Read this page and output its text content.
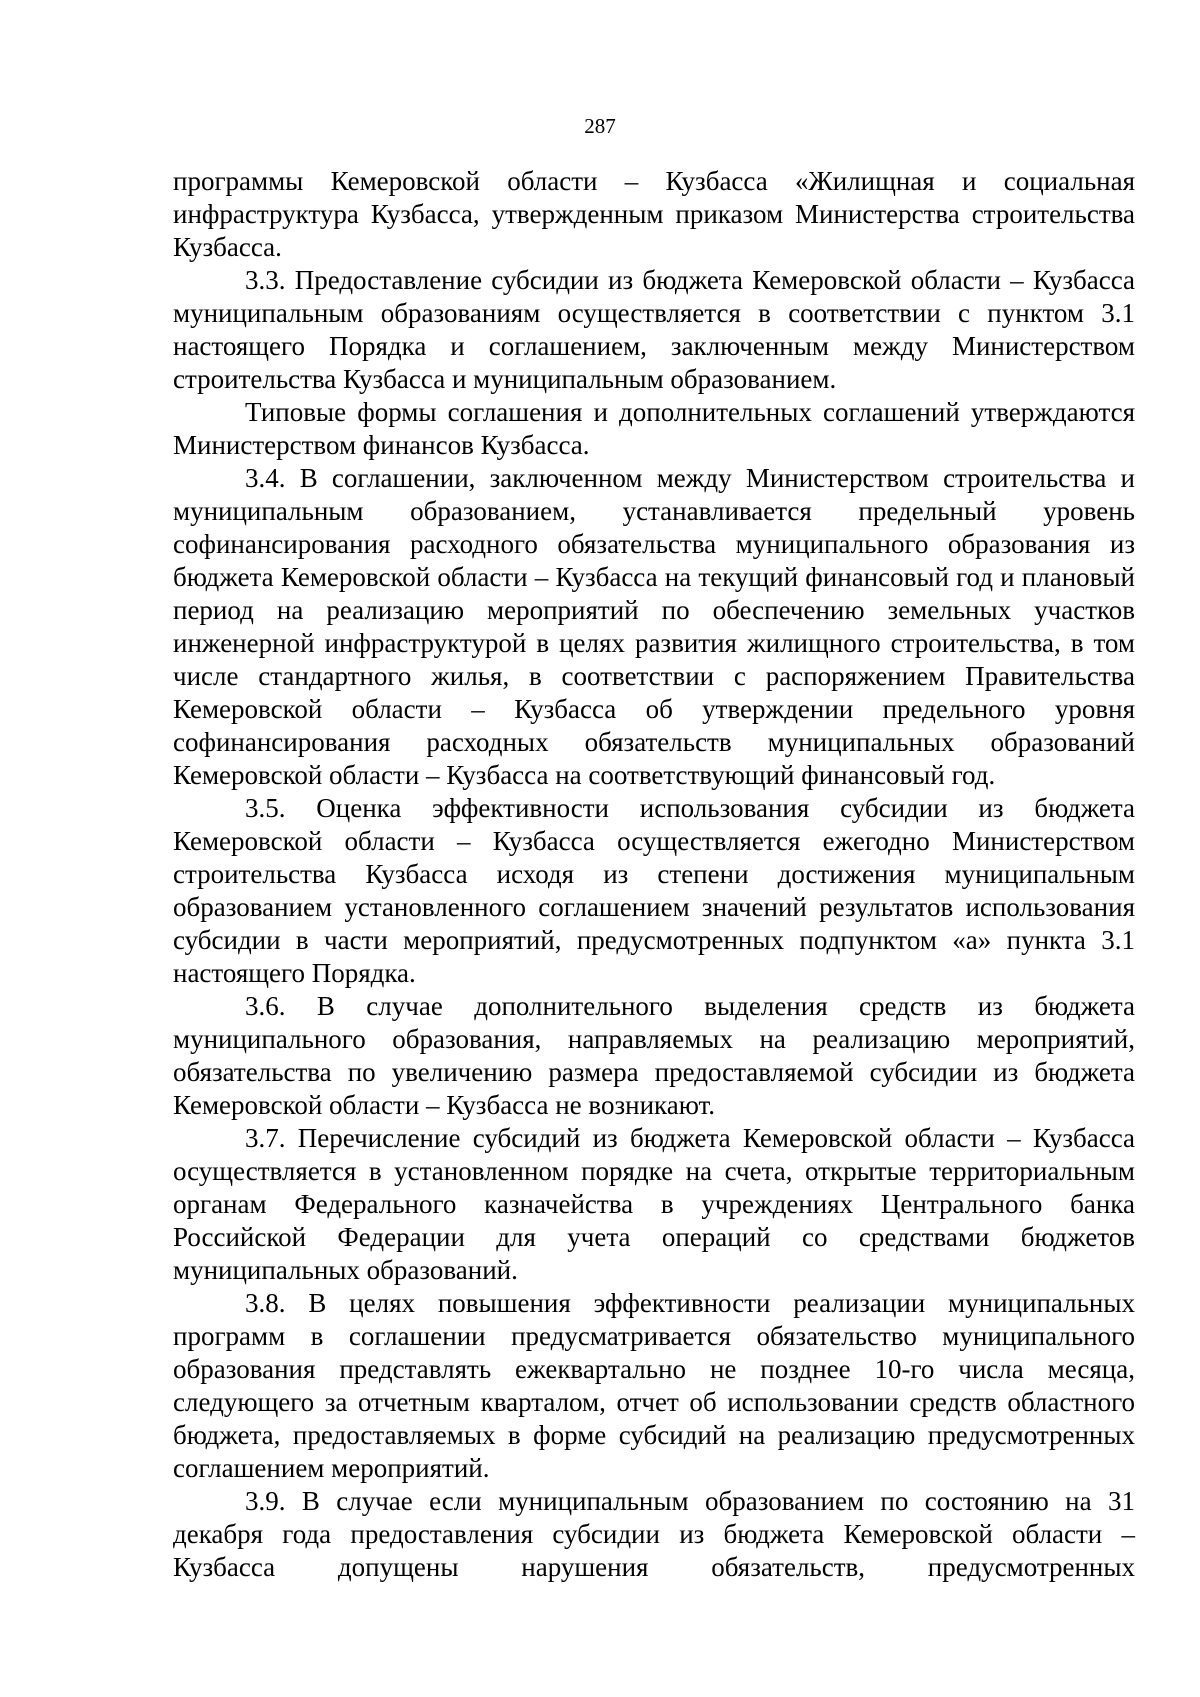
287

программы Кемеровской области – Кузбасса «Жилищная и социальная инфраструктура Кузбасса, утвержденным приказом Министерства строительства Кузбасса.

3.3. Предоставление субсидии из бюджета Кемеровской области – Кузбасса муниципальным образованиям осуществляется в соответствии с пунктом 3.1 настоящего Порядка и соглашением, заключенным между Министерством строительства Кузбасса и муниципальным образованием.

Типовые формы соглашения и дополнительных соглашений утверждаются Министерством финансов Кузбасса.

3.4. В соглашении, заключенном между Министерством строительства и муниципальным образованием, устанавливается предельный уровень софинансирования расходного обязательства муниципального образования из бюджета Кемеровской области – Кузбасса на текущий финансовый год и плановый период на реализацию мероприятий по обеспечению земельных участков инженерной инфраструктурой в целях развития жилищного строительства, в том числе стандартного жилья, в соответствии с распоряжением Правительства Кемеровской области – Кузбасса об утверждении предельного уровня софинансирования расходных обязательств муниципальных образований Кемеровской области – Кузбасса на соответствующий финансовый год.

3.5. Оценка эффективности использования субсидии из бюджета Кемеровской области – Кузбасса осуществляется ежегодно Министерством строительства Кузбасса исходя из степени достижения муниципальным образованием установленного соглашением значений результатов использования субсидии в части мероприятий, предусмотренных подпунктом «а» пункта 3.1 настоящего Порядка.

3.6. В случае дополнительного выделения средств из бюджета муниципального образования, направляемых на реализацию мероприятий, обязательства по увеличению размера предоставляемой субсидии из бюджета Кемеровской области – Кузбасса не возникают.

3.7. Перечисление субсидий из бюджета Кемеровской области – Кузбасса осуществляется в установленном порядке на счета, открытые территориальным органам Федерального казначейства в учреждениях Центрального банка Российской Федерации для учета операций со средствами бюджетов муниципальных образований.

3.8. В целях повышения эффективности реализации муниципальных программ в соглашении предусматривается обязательство муниципального образования представлять ежеквартально не позднее 10-го числа месяца, следующего за отчетным кварталом, отчет об использовании средств областного бюджета, предоставляемых в форме субсидий на реализацию предусмотренных соглашением мероприятий.

3.9. В случае если муниципальным образованием по состоянию на 31 декабря года предоставления субсидии из бюджета Кемеровской области – Кузбасса допущены нарушения обязательств, предусмотренных
